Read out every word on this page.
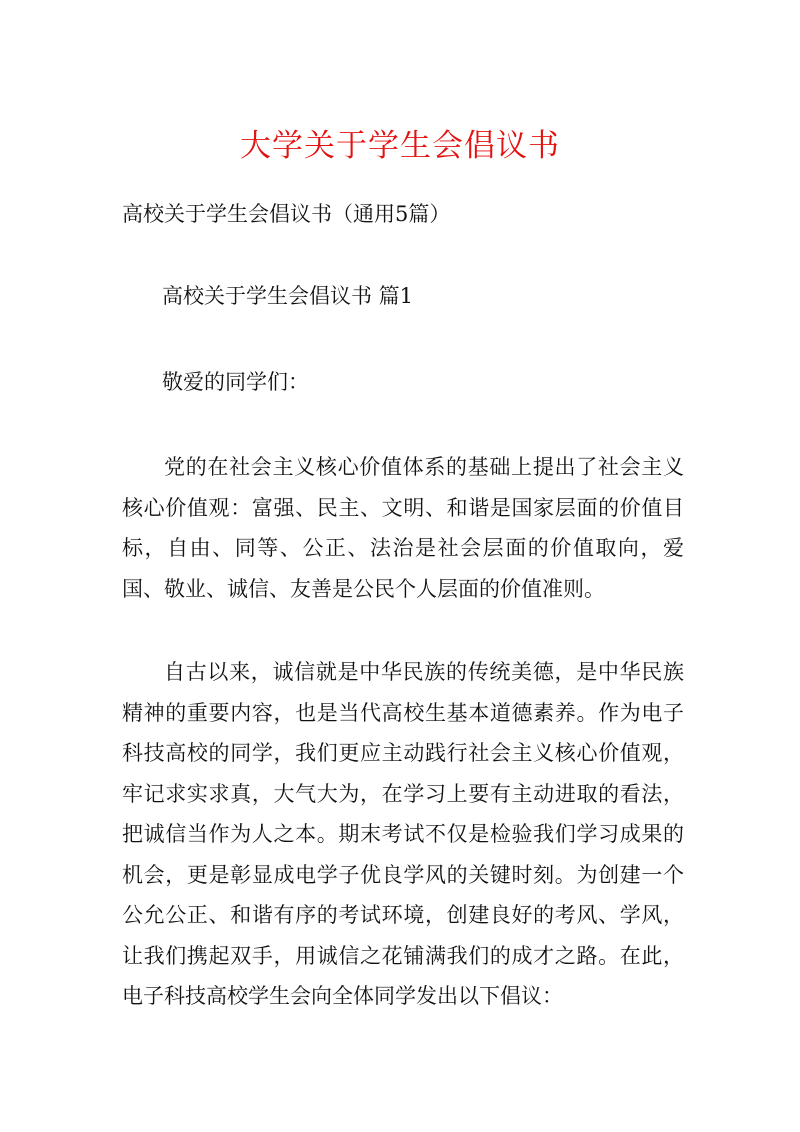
大学关于学生会倡议书

高校关于学生会倡议书（通用5篇）

高校关于学生会倡议书 篇1

敬爱的同学们：

党的在社会主义核心价值体系的基础上提出了社会主义核心价值观：富强、民主、文明、和谐是国家层面的价值目标，自由、同等、公正、法治是社会层面的价值取向，爱国、敬业、诚信、友善是公民个人层面的价值准则。

自古以来，诚信就是中华民族的传统美德，是中华民族精神的重要内容，也是当代高校生基本道德素养。作为电子科技高校的同学，我们更应主动践行社会主义核心价值观，牢记求实求真，大气大为，在学习上要有主动进取的看法，把诚信当作为人之本。期末考试不仅是检验我们学习成果的机会，更是彰显成电学子优良学风的关键时刻。为创建一个公允公正、和谐有序的考试环境，创建良好的考风、学风，让我们携起双手，用诚信之花铺满我们的成才之路。在此，电子科技高校学生会向全体同学发出以下倡议：
